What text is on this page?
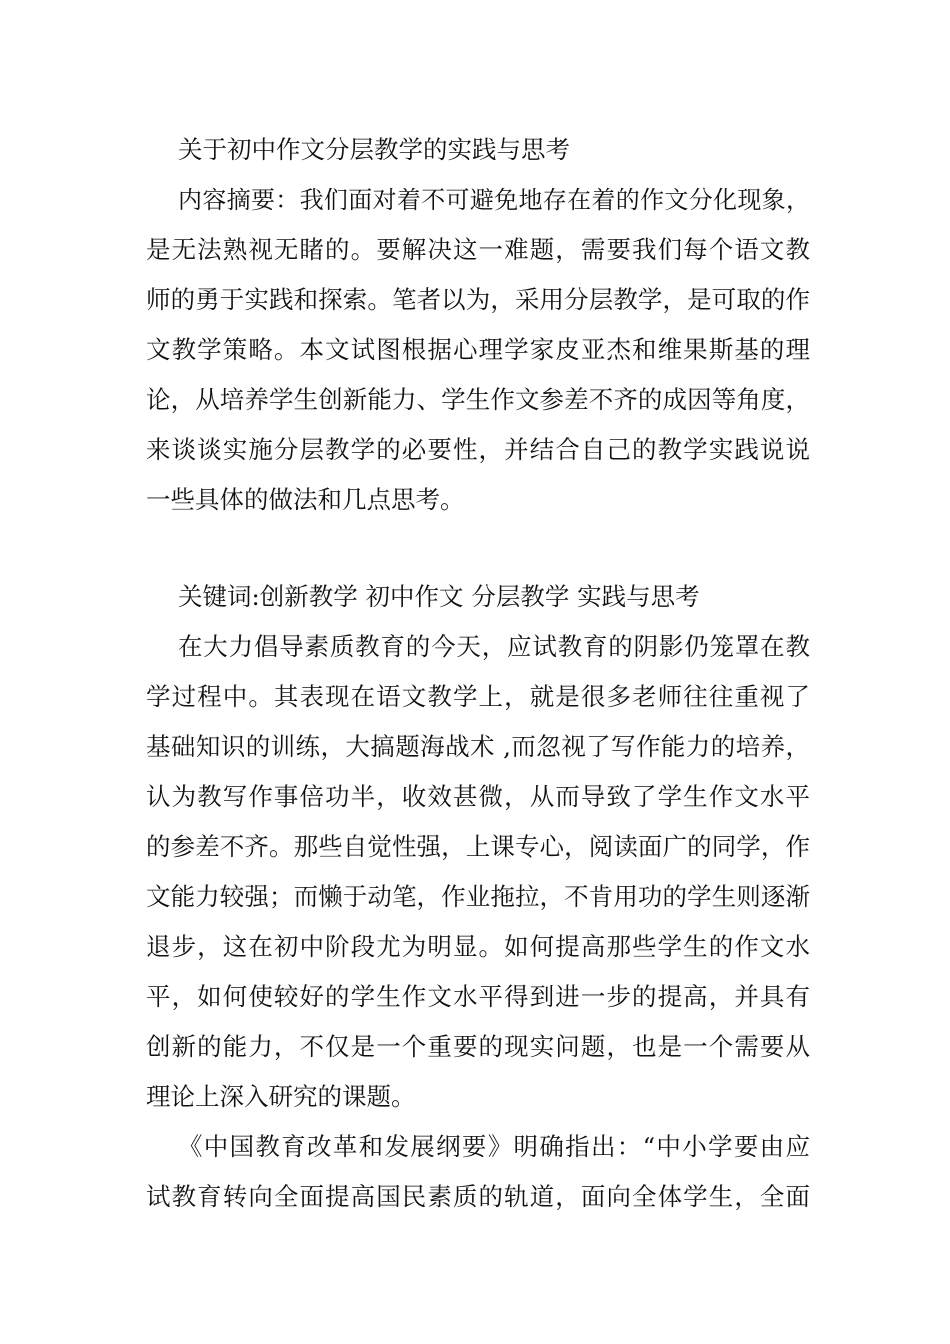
关于初中作文分层教学的实践与思考
内容摘要：我们面对着不可避免地存在着的作文分化现象，
是无法熟视无睹的。要解决这一难题，需要我们每个语文教
师的勇于实践和探索。笔者以为，采用分层教学，是可取的作
文教学策略。本文试图根据心理学家皮亚杰和维果斯基的理
论，从培养学生创新能力、学生作文参差不齐的成因等角度，
来谈谈实施分层教学的必要性，并结合自己的教学实践说说
一些具体的做法和几点思考。
关键词:创新教学 初中作文 分层教学 实践与思考
在大力倡导素质教育的今天，应试教育的阴影仍笼罩在教
学过程中。其表现在语文教学上，就是很多老师往往重视了
基础知识的训练，大搞题海战术 ,而忽视了写作能力的培养，
认为教写作事倍功半，收效甚微，从而导致了学生作文水平
的参差不齐。那些自觉性强，上课专心，阅读面广的同学，作
文能力较强；而懒于动笔，作业拖拉，不肯用功的学生则逐渐
退步，这在初中阶段尤为明显。如何提高那些学生的作文水
平，如何使较好的学生作文水平得到进一步的提高，并具有
创新的能力，不仅是一个重要的现实问题，也是一个需要从
理论上深入研究的课题。
《中国教育改革和发展纲要》明确指出：“中小学要由应
试教育转向全面提高国民素质的轨道，面向全体学生，全面
